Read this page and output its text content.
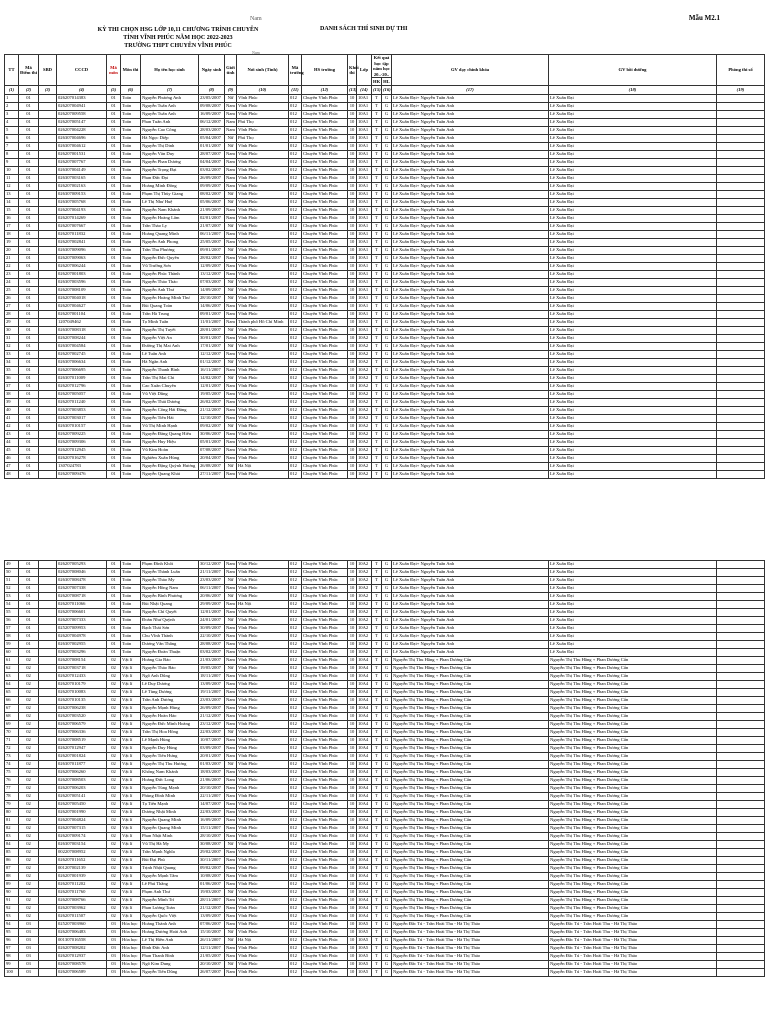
Nam	Mẫu M2.1
KỲ THI CHỌN HSG LỚP 10,11 CHƯƠNG TRÌNH CHUYÊN
TỈNH VĨNH PHÚC NĂM HỌC 2022-2023
TRƯỜNG THPT CHUYÊN VĨNH PHÚC
DANH SÁCH THÍ SINH DỰ THI
Nam
TT	Mã Điểm thi	SBD	CCCD	Mã môn	Môn thi	Họ tên học sinh	Ngày sinh	Giới tính	Nơi sinh (Tỉnh)	Mã trường	HS trường	Khối thi	Lớp	Kết quả học tập năm học 20..-20..		GV dạy chính khóa	GV bồi dưỡng	Phòng thi số
														HK	HL			
(1)	(2)	(3)	(4)	(5)	(6)	(7)	(8)	(9)	(10)	(11)	(12)	(13)	(14)	(15)	(16)	(17)	(18)	(19)
1	01		026207014383	01	Toán	Nguyễn Phương Anh	23/05/2007	Nữ	Vĩnh Phúc	012	Chuyên Vĩnh Phúc	10	10A1	T	G	Lê Xuân Đại+ Nguyễn Tuấn Anh	Lê Xuân Đại	
2	01		026207004941	01	Toán	Nguyễn Tuấn Anh	09/08/2007	Nam	Vĩnh Phúc	012	Chuyên Vĩnh Phúc	10	10A1	T	G	Lê Xuân Đại+ Nguyễn Tuấn Anh	Lê Xuân Đại	
3	01		026207009558	01	Toán	Nguyễn Tuấn Anh	16/09/2007	Nam	Vĩnh Phúc	012	Chuyên Vĩnh Phúc	10	10A1	T	G	Lê Xuân Đại+ Nguyễn Tuấn Anh	Lê Xuân Đại	
4	01		026207005147	01	Toán	Phan Tuấn Anh	06/12/2007	Nam	Phú Thọ	012	Chuyên Vĩnh Phúc	10	10A1	T	G	Lê Xuân Đại+ Nguyễn Tuấn Anh	Lê Xuân Đại	
5	01		026207004228	01	Toán	Nguyễn Cao Công	28/03/2007	Nam	Vĩnh Phúc	012	Chuyên Vĩnh Phúc	10	10A1	T	G	Lê Xuân Đại+ Nguyễn Tuấn Anh	Lê Xuân Đại	
6	01		026307004696	01	Toán	Hà Ngọc Diệp	05/04/2007	Nữ	Phú Thọ	012	Chuyên Vĩnh Phúc	10	10A1	T	G	Lê Xuân Đại+ Nguyễn Tuấn Anh	Lê Xuân Đại	
7	01		026307004612	01	Toán	Nguyễn Thị Dinh	01/01/2007	Nữ	Vĩnh Phúc	012	Chuyên Vĩnh Phúc	10	10A1	T	G	Lê Xuân Đại+ Nguyễn Tuấn Anh	Lê Xuân Đại	
8	01		026207001531	01	Toán	Nguyễn Văn Duy	28/07/2007	Nam	Vĩnh Phúc	012	Chuyên Vĩnh Phúc	10	10A1	T	G	Lê Xuân Đại+ Nguyễn Tuấn Anh	Lê Xuân Đại	
9	01		026207007767	01	Toán	Nguyễn Phan Dương	04/04/2007	Nam	Vĩnh Phúc	012	Chuyên Vĩnh Phúc	10	10A1	T	G	Lê Xuân Đại+ Nguyễn Tuấn Anh	Lê Xuân Đại	
10	01		026307004149	01	Toán	Nguyễn Trọng Đạt	03/02/2007	Nam	Vĩnh Phúc	012	Chuyên Vĩnh Phúc	10	10A1	T	G	Lê Xuân Đại+ Nguyễn Tuấn Anh	Lê Xuân Đại	
11	01		026307003165	01	Toán	Phan Đức Đạt	26/09/2007	Nam	Vĩnh Phúc	012	Chuyên Vĩnh Phúc	10	10A1	T	G	Lê Xuân Đại+ Nguyễn Tuấn Anh	Lê Xuân Đại	
12	01		026207002163	01	Toán	Hoàng Minh Đông	09/09/2007	Nam	Vĩnh Phúc	012	Chuyên Vĩnh Phúc	10	10A1	T	G	Lê Xuân Đại+ Nguyễn Tuấn Anh	Lê Xuân Đại	
13	01		026307009153	01	Toán	Phạm Thị Thùy Giang	08/02/2007	Nữ	Vĩnh Phúc	012	Chuyên Vĩnh Phúc	10	10A1	T	G	Lê Xuân Đại+ Nguyễn Tuấn Anh	Lê Xuân Đại	
14	01		026307005768	01	Toán	Lê Thị Như Huệ	05/06/2007	Nữ	Vĩnh Phúc	012	Chuyên Vĩnh Phúc	10	10A1	T	G	Lê Xuân Đại+ Nguyễn Tuấn Anh	Lê Xuân Đại	
15	01		026207004193	01	Toán	Nguyễn Nam Khánh	21/09/2007	Nam	Vĩnh Phúc	012	Chuyên Vĩnh Phúc	10	10A1	T	G	Lê Xuân Đại+ Nguyễn Tuấn Anh	Lê Xuân Đại	
16	01		026207014269	01	Toán	Nguyễn Hoàng Lâm	02/01/2007	Nam	Vĩnh Phúc	012	Chuyên Vĩnh Phúc	10	10A1	T	G	Lê Xuân Đại+ Nguyễn Tuấn Anh	Lê Xuân Đại	
17	01		026207007667	01	Toán	Trần Thảo Ly	21/07/2007	Nữ	Vĩnh Phúc	012	Chuyên Vĩnh Phúc	10	10A1	T	G	Lê Xuân Đại+ Nguyễn Tuấn Anh	Lê Xuân Đại	
18	01		026207011832	01	Toán	Hoàng Quang Minh	06/11/2007	Nam	Vĩnh Phúc	012	Chuyên Vĩnh Phúc	10	10A1	T	G	Lê Xuân Đại+ Nguyễn Tuấn Anh	Lê Xuân Đại	
19	01		026207002841	01	Toán	Nguyễn Anh Phong	25/05/2007	Nam	Vĩnh Phúc	012	Chuyên Vĩnh Phúc	10	10A1	T	G	Lê Xuân Đại+ Nguyễn Tuấn Anh	Lê Xuân Đại	
20	01		026307009096	01	Toán	Trần Thu Phương	09/01/2007	Nữ	Vĩnh Phúc	012	Chuyên Vĩnh Phúc	10	10A1	T	G	Lê Xuân Đại+ Nguyễn Tuấn Anh	Lê Xuân Đại	
21	01		026207009063	01	Toán	Nguyễn Đức Quyền	28/02/2007	Nam	Vĩnh Phúc	012	Chuyên Vĩnh Phúc	10	10A1	T	G	Lê Xuân Đại+ Nguyễn Tuấn Anh	Lê Xuân Đại	
22	01		026207006244	01	Toán	Vũ Trường Sơn	12/09/2007	Nam	Vĩnh Phúc	012	Chuyên Vĩnh Phúc	10	10A1	T	G	Lê Xuân Đại+ Nguyễn Tuấn Anh	Lê Xuân Đại	
23	01		026207001803	01	Toán	Nguyễn Phúc Thành	13/12/2007	Nam	Vĩnh Phúc	012	Chuyên Vĩnh Phúc	10	10A1	T	G	Lê Xuân Đại+ Nguyễn Tuấn Anh	Lê Xuân Đại	
24	01		026307003596	01	Toán	Nguyễn Thảo Thảo	07/03/2007	Nữ	Vĩnh Phúc	012	Chuyên Vĩnh Phúc	10	10A1	T	G	Lê Xuân Đại+ Nguyễn Tuấn Anh	Lê Xuân Đại	
25	01		026207008109	01	Toán	Nguyễn Anh Thư	14/09/2007	Nữ	Vĩnh Phúc	012	Chuyên Vĩnh Phúc	10	10A1	T	G	Lê Xuân Đại+ Nguyễn Tuấn Anh	Lê Xuân Đại	
26	01		026207004018	01	Toán	Nguyễn Hoàng Minh Thư	28/10/2007	Nữ	Vĩnh Phúc	012	Chuyên Vĩnh Phúc	10	10A1	T	G	Lê Xuân Đại+ Nguyễn Tuấn Anh	Lê Xuân Đại	
27	01		026207004627	01	Toán	Bùi Quang Toàn	14/06/2007	Nam	Vĩnh Phúc	012	Chuyên Vĩnh Phúc	10	10A1	T	G	Lê Xuân Đại+ Nguyễn Tuấn Anh	Lê Xuân Đại	
28	01		026207001104	01	Toán	Trần Hà Trung	09/01/2007	Nam	Vĩnh Phúc	012	Chuyên Vĩnh Phúc	10	10A1	T	G	Lê Xuân Đại+ Nguyễn Tuấn Anh	Lê Xuân Đại	
29	01		1207049462	01	Toán	Tạ Minh Tuấn	11/01/2007	Nam	Thành phố Hồ Chí Minh	012	Chuyên Vĩnh Phúc	10	10A1	T	G	Lê Xuân Đại+ Nguyễn Tuấn Anh	Lê Xuân Đại	
30	01		026307008318	01	Toán	Nguyễn Thị Tuyết	28/01/2007	Nữ	Vĩnh Phúc	012	Chuyên Vĩnh Phúc	10	10A1	T	G	Lê Xuân Đại+ Nguyễn Tuấn Anh	Lê Xuân Đại	
31	01		026207008244	01	Toán	Nguyễn Việt An	30/01/2007	Nam	Vĩnh Phúc	012	Chuyên Vĩnh Phúc	10	10A2	T	G	Lê Xuân Đại+ Nguyễn Tuấn Anh	Lê Xuân Đại	
32	01		026307004584	01	Toán	Đường Thị Mai Anh	17/01/2007	Nữ	Vĩnh Phúc	012	Chuyên Vĩnh Phúc	10	10A2	T	G	Lê Xuân Đại+ Nguyễn Tuấn Anh	Lê Xuân Đại	
33	01		026207002745	01	Toán	Lê Tuấn Anh	12/12/2007	Nam	Vĩnh Phúc	012	Chuyên Vĩnh Phúc	10	10A2	T	G	Lê Xuân Đại+ Nguyễn Tuấn Anh	Lê Xuân Đại	
34	01		026307006634	01	Toán	Hà Ngân Anh	01/12/2007	Nữ	Vĩnh Phúc	012	Chuyên Vĩnh Phúc	10	10A2	T	G	Lê Xuân Đại+ Nguyễn Tuấn Anh	Lê Xuân Đại	
35	01		026207006695	01	Toán	Nguyễn Thanh Bình	16/11/2007	Nam	Vĩnh Phúc	012	Chuyên Vĩnh Phúc	10	10A2	T	G	Lê Xuân Đại+ Nguyễn Tuấn Anh	Lê Xuân Đại	
36	01		026307011009	01	Toán	Trần Thị Mai Chi	14/02/2007	Nữ	Vĩnh Phúc	012	Chuyên Vĩnh Phúc	10	10A2	T	G	Lê Xuân Đại+ Nguyễn Tuấn Anh	Lê Xuân Đại	
37	01		026207012796	01	Toán	Cao Xuân Chuyên	12/01/2007	Nam	Vĩnh Phúc	012	Chuyên Vĩnh Phúc	10	10A2	T	G	Lê Xuân Đại+ Nguyễn Tuấn Anh	Lê Xuân Đại	
38	01		026207005057	01	Toán	Vũ Việt Dũng	19/05/2007	Nam	Vĩnh Phúc	012	Chuyên Vĩnh Phúc	10	10A2	T	G	Lê Xuân Đại+ Nguyễn Tuấn Anh	Lê Xuân Đại	
39	01		026207011240	01	Toán	Nguyễn Thái Dương	26/02/2007	Nam	Vĩnh Phúc	012	Chuyên Vĩnh Phúc	10	10A2	T	G	Lê Xuân Đại+ Nguyễn Tuấn Anh	Lê Xuân Đại	
40	01		026207003853	01	Toán	Nguyễn Công Hải Đăng	21/12/2007	Nam	Vĩnh Phúc	012	Chuyên Vĩnh Phúc	10	10A2	T	G	Lê Xuân Đại+ Nguyễn Tuấn Anh	Lê Xuân Đại	
41	01		026207003017	01	Toán	Nguyễn Tiến Hải	12/10/2007	Nam	Vĩnh Phúc	012	Chuyên Vĩnh Phúc	10	10A2	T	G	Lê Xuân Đại+ Nguyễn Tuấn Anh	Lê Xuân Đại	
42	01		026307010157	01	Toán	Vũ Thị Minh Hạnh	09/02/2007	Nữ	Vĩnh Phúc	012	Chuyên Vĩnh Phúc	10	10A2	T	G	Lê Xuân Đại+ Nguyễn Tuấn Anh	Lê Xuân Đại	
43	01		026207009225	01	Toán	Nguyễn Đăng Quang Hiếu	30/06/2007	Nam	Vĩnh Phúc	012	Chuyên Vĩnh Phúc	10	10A2	T	G	Lê Xuân Đại+ Nguyễn Tuấn Anh	Lê Xuân Đại	
44	01		026207009306	01	Toán	Nguyễn Huy Hiệu	05/01/2007	Nam	Vĩnh Phúc	012	Chuyên Vĩnh Phúc	10	10A2	T	G	Lê Xuân Đại+ Nguyễn Tuấn Anh	Lê Xuân Đại	
45	01		026207012945	01	Toán	Vũ Kim Hoàn	07/08/2007	Nam	Vĩnh Phúc	012	Chuyên Vĩnh Phúc	10	10A2	T	G	Lê Xuân Đại+ Nguyễn Tuấn Anh	Lê Xuân Đại	
46	01		026207016278	01	Toán	Nghiêm Xuân Hùng	20/04/2007	Nam	Vĩnh Phúc	012	Chuyên Vĩnh Phúc	10	10A2	T	G	Lê Xuân Đại+ Nguyễn Tuấn Anh	Lê Xuân Đại	
47	01		1307024783	01	Toán	Nguyễn Đặng Quỳnh Hương	26/08/2007	Nữ	Hà Nội	012	Chuyên Vĩnh Phúc	10	10A2	T	G	Lê Xuân Đại+ Nguyễn Tuấn Anh	Lê Xuân Đại	
48	01		026207009476	01	Toán	Nguyễn Quang Khải	27/11/2007	Nam	Vĩnh Phúc	012	Chuyên Vĩnh Phúc	10	10A2	T	G	Lê Xuân Đại+ Nguyễn Tuấn Anh	Lê Xuân Đại	
49	01		026207005293	01	Toán	Phạm Đình Khôi	30/12/2007	Nam	Vĩnh Phúc	012	Chuyên Vĩnh Phúc	10	10A2	T	G	Lê Xuân Đại+ Nguyễn Tuấn Anh	Lê Xuân Đại	
50	01		026207008046	01	Toán	Nguyễn Thành Luân	21/11/2007	Nam	Vĩnh Phúc	012	Chuyên Vĩnh Phúc	10	10A2	T	G	Lê Xuân Đại+ Nguyễn Tuấn Anh	Lê Xuân Đại	
51	01		026307008478	01	Toán	Nguyễn Thảo My	23/03/2007	Nữ	Vĩnh Phúc	012	Chuyên Vĩnh Phúc	10	10A2	T	G	Lê Xuân Đại+ Nguyễn Tuấn Anh	Lê Xuân Đại	
52	01		026207007338	01	Toán	Nguyễn Hồng Nam	06/11/2007	Nam	Vĩnh Phúc	012	Chuyên Vĩnh Phúc	10	10A2	T	G	Lê Xuân Đại+ Nguyễn Tuấn Anh	Lê Xuân Đại	
53	01		026207008718	01	Toán	Nguyễn Bình Phương	20/06/2007	Nữ	Vĩnh Phúc	012	Chuyên Vĩnh Phúc	10	10A2	T	G	Lê Xuân Đại+ Nguyễn Tuấn Anh	Lê Xuân Đại	
54	01		026207011066	01	Toán	Bùi Nhật Quang	29/09/2007	Nam	Hà Nội	012	Chuyên Vĩnh Phúc	10	10A2	T	G	Lê Xuân Đại+ Nguyễn Tuấn Anh	Lê Xuân Đại	
55	01		026207006601	01	Toán	Nguyễn Chí Quyết	12/01/2007	Nam	Vĩnh Phúc	012	Chuyên Vĩnh Phúc	10	10A2	T	G	Lê Xuân Đại+ Nguyễn Tuấn Anh	Lê Xuân Đại	
56	01		026207007333	01	Toán	Đoàn Như Quỳnh	24/01/2007	Nữ	Vĩnh Phúc	012	Chuyên Vĩnh Phúc	10	10A2	T	G	Lê Xuân Đại+ Nguyễn Tuấn Anh	Lê Xuân Đại	
57	01		025207009953	01	Toán	Bạch Thái Sơn	30/09/2007	Nam	Vĩnh Phúc	012	Chuyên Vĩnh Phúc	10	10A2	T	G	Lê Xuân Đại+ Nguyễn Tuấn Anh	Lê Xuân Đại	
58	01		026207004978	01	Toán	Chu Vĩnh Thành	22/10/2007	Nam	Vĩnh Phúc	012	Chuyên Vĩnh Phúc	10	10A2	T	G	Lê Xuân Đại+ Nguyễn Tuấn Anh	Lê Xuân Đại	
59	01		026307002955	01	Toán	Dương Vân Thắng	28/08/2007	Nam	Vĩnh Phúc	012	Chuyên Vĩnh Phúc	10	10A2	T	G	Lê Xuân Đại+ Nguyễn Tuấn Anh	Lê Xuân Đại	
60	01		026207003296	01	Toán	Nguyễn Đoàn Thuận	03/02/2007	Nam	Vĩnh Phúc	012	Chuyên Vĩnh Phúc	10	10A2	T	G	Lê Xuân Đại+ Nguyễn Tuấn Anh	Lê Xuân Đại	
61	02		026207008154	02	Vật lí	Hoàng Gia Bảo	21/03/2007	Nam	Vĩnh Phúc	012	Chuyên Vĩnh Phúc	10	10A4	T	G	Nguyễn Thị Thu Hằng + Phan Dương Cẩn	Nguyễn Thị Thu Hằng + Phan Dương Cẩn	
62	02		026207003718	02	Vật lí	Nguyễn Thảo Bảo	19/05/2007	Nữ	Vĩnh Phúc	012	Chuyên Vĩnh Phúc	10	10A4	T	G	Nguyễn Thị Thu Hằng + Phan Dương Cẩn	Nguyễn Thị Thu Hằng + Phan Dương Cẩn	
63	02		026207012433	02	Vật lí	Ngô Anh Dũng	18/11/2007	Nam	Vĩnh Phúc	012	Chuyên Vĩnh Phúc	10	10A4	T	G	Nguyễn Thị Thu Hằng + Phan Dương Cẩn	Nguyễn Thị Thu Hằng + Phan Dương Cẩn	
64	02		026207010179	02	Vật lí	Lê Duy Dương	13/09/2007	Nam	Vĩnh Phúc	012	Chuyên Vĩnh Phúc	10	10A4	T	G	Nguyễn Thị Thu Hằng + Phan Dương Cẩn	Nguyễn Thị Thu Hằng + Phan Dương Cẩn	
65	02		026207010083	02	Vật lí	Lê Tùng Dương	19/11/2007	Nam	Vĩnh Phúc	012	Chuyên Vĩnh Phúc	10	10A4	T	G	Nguyễn Thị Thu Hằng + Phan Dương Cẩn	Nguyễn Thị Thu Hằng + Phan Dương Cẩn	
66	02		026207010135	02	Vật lí	Trần Anh Dương	23/03/2007	Nam	Vĩnh Phúc	012	Chuyên Vĩnh Phúc	10	10A4	T	G	Nguyễn Thị Thu Hằng + Phan Dương Cẩn	Nguyễn Thị Thu Hằng + Phan Dương Cẩn	
67	02		026207006238	02	Vật lí	Nguyễn Mạnh Hùng	26/09/2007	Nam	Vĩnh Phúc	012	Chuyên Vĩnh Phúc	10	10A4	T	G	Nguyễn Thị Thu Hằng + Phan Dương Cẩn	Nguyễn Thị Thu Hằng + Phan Dương Cẩn	
68	02		026207003520	02	Vật lí	Nguyễn Hoàn Hảo	21/12/2007	Nam	Vĩnh Phúc	012	Chuyên Vĩnh Phúc	10	10A4	T	G	Nguyễn Thị Thu Hằng + Phan Dương Cẩn	Nguyễn Thị Thu Hằng + Phan Dương Cẩn	
69	02		026207006579	02	Vật lí	Nguyễn Đức Minh Hoàng	23/12/2007	Nam	Vĩnh Phúc	012	Chuyên Vĩnh Phúc	10	10A4	T	G	Nguyễn Thị Thu Hằng + Phan Dương Cẩn	Nguyễn Thị Thu Hằng + Phan Dương Cẩn	
70	02		026207006336	02	Vật lí	Trần Thị Hoa Hồng	22/03/2007	Nữ	Vĩnh Phúc	012	Chuyên Vĩnh Phúc	10	10A4	T	G	Nguyễn Thị Thu Hằng + Phan Dương Cẩn	Nguyễn Thị Thu Hằng + Phan Dương Cẩn	
71	02		026207008519	02	Vật lí	Lê Mạnh Hùng	10/07/2007	Nam	Vĩnh Phúc	012	Chuyên Vĩnh Phúc	10	10A4	T	G	Nguyễn Thị Thu Hằng + Phan Dương Cẩn	Nguyễn Thị Thu Hằng + Phan Dương Cẩn	
72	02		026207012947	02	Vật lí	Nguyễn Duy Hùng	03/09/2007	Nam	Vĩnh Phúc	012	Chuyên Vĩnh Phúc	10	10A4	T	G	Nguyễn Thị Thu Hằng + Phan Dương Cẩn	Nguyễn Thị Thu Hằng + Phan Dương Cẩn	
73	02		026207001824	02	Vật lí	Nguyễn Tiến Hưng	20/01/2007	Nam	Vĩnh Phúc	012	Chuyên Vĩnh Phúc	10	10A4	T	G	Nguyễn Thị Thu Hằng + Phan Dương Cẩn	Nguyễn Thị Thu Hằng + Phan Dương Cẩn	
74	02		026307011877	02	Vật lí	Nguyễn Thị Thu Hương	01/03/2007	Nữ	Vĩnh Phúc	012	Chuyên Vĩnh Phúc	10	10A4	T	G	Nguyễn Thị Thu Hằng + Phan Dương Cẩn	Nguyễn Thị Thu Hằng + Phan Dương Cẩn	
75	02		026207006260	02	Vật lí	Khổng Nam Khánh	18/03/2007	Nam	Vĩnh Phúc	012	Chuyên Vĩnh Phúc	10	10A4	T	G	Nguyễn Thị Thu Hằng + Phan Dương Cẩn	Nguyễn Thị Thu Hằng + Phan Dương Cẩn	
76	02		026207008503	02	Vật lí	Hoàng Đức Long	21/06/2007	Nam	Vĩnh Phúc	012	Chuyên Vĩnh Phúc	10	10A4	T	G	Nguyễn Thị Thu Hằng + Phan Dương Cẩn	Nguyễn Thị Thu Hằng + Phan Dương Cẩn	
77	02		026207006203	02	Vật lí	Nguyễn Tùng Mạnh	20/10/2007	Nam	Vĩnh Phúc	012	Chuyên Vĩnh Phúc	10	10A4	T	G	Nguyễn Thị Thu Hằng + Phan Dương Cẩn	Nguyễn Thị Thu Hằng + Phan Dương Cẩn	
78	02		026207005141	02	Vật lí	Phùng Đình Minh	22/11/2007	Nam	Vĩnh Phúc	012	Chuyên Vĩnh Phúc	10	10A4	T	G	Nguyễn Thị Thu Hằng + Phan Dương Cẩn	Nguyễn Thị Thu Hằng + Phan Dương Cẩn	
79	02		026207005450	02	Vật lí	Tạ Tiến Mạnh	14/07/2007	Nam	Vĩnh Phúc	012	Chuyên Vĩnh Phúc	10	10A4	T	G	Nguyễn Thị Thu Hằng + Phan Dương Cẩn	Nguyễn Thị Thu Hằng + Phan Dương Cẩn	
80	02		026207001990	02	Vật lí	Dương Nhật Minh	22/03/2007	Nam	Vĩnh Phúc	012	Chuyên Vĩnh Phúc	10	10A4	T	G	Nguyễn Thị Thu Hằng + Phan Dương Cẩn	Nguyễn Thị Thu Hằng + Phan Dương Cẩn	
81	02		026207004824	02	Vật lí	Nguyễn Quang Minh	16/09/2007	Nam	Vĩnh Phúc	012	Chuyên Vĩnh Phúc	10	10A4	T	G	Nguyễn Thị Thu Hằng + Phan Dương Cẩn	Nguyễn Thị Thu Hằng + Phan Dương Cẩn	
82	02		026207007315	02	Vật lí	Nguyễn Quang Minh	15/11/2007	Nam	Vĩnh Phúc	012	Chuyên Vĩnh Phúc	10	10A4	T	G	Nguyễn Thị Thu Hằng + Phan Dương Cẩn	Nguyễn Thị Thu Hằng + Phan Dương Cẩn	
83	02		026207009174	02	Vật lí	Phan Nhật Minh	28/10/2007	Nam	Vĩnh Phúc	012	Chuyên Vĩnh Phúc	10	10A4	T	G	Nguyễn Thị Thu Hằng + Phan Dương Cẩn	Nguyễn Thị Thu Hằng + Phan Dương Cẩn	
84	02		026307003154	02	Vật lí	Vũ Thị Hà My	30/08/2007	Nữ	Vĩnh Phúc	012	Chuyên Vĩnh Phúc	10	10A4	T	G	Nguyễn Thị Thu Hằng + Phan Dương Cẩn	Nguyễn Thị Thu Hằng + Phan Dương Cẩn	
85	02		002207008952	02	Vật lí	Trần Mạnh Nghĩa	29/02/2007	Nam	Vĩnh Phúc	012	Chuyên Vĩnh Phúc	10	10A4	T	G	Nguyễn Thị Thu Hằng + Phan Dương Cẩn	Nguyễn Thị Thu Hằng + Phan Dương Cẩn	
86	02		026207011652	02	Vật lí	Bùi Đại Phú	30/11/2007	Nam	Vĩnh Phúc	012	Chuyên Vĩnh Phúc	10	10A4	T	G	Nguyễn Thị Thu Hằng + Phan Dương Cẩn	Nguyễn Thị Thu Hằng + Phan Dương Cẩn	
87	02		001207002139	02	Vật lí	Trịnh Nhật Quang	09/02/2007	Nam	Vĩnh Phúc	012	Chuyên Vĩnh Phúc	10	10A4	T	G	Nguyễn Thị Thu Hằng + Phan Dương Cẩn	Nguyễn Thị Thu Hằng + Phan Dương Cẩn	
88	02		026207001939	02	Vật lí	Nguyễn Mạnh Tâm	10/08/2007	Nam	Vĩnh Phúc	012	Chuyên Vĩnh Phúc	10	10A4	T	G	Nguyễn Thị Thu Hằng + Phan Dương Cẩn	Nguyễn Thị Thu Hằng + Phan Dương Cẩn	
89	02		026207011202	02	Vật lí	Lê Phú Thắng	01/06/2007	Nam	Vĩnh Phúc	012	Chuyên Vĩnh Phúc	10	10A4	T	G	Nguyễn Thị Thu Hằng + Phan Dương Cẩn	Nguyễn Thị Thu Hằng + Phan Dương Cẩn	
90	02		026207011760	02	Vật lí	Phạm Anh Thư	19/03/2007	Nữ	Vĩnh Phúc	012	Chuyên Vĩnh Phúc	10	10A4	T	G	Nguyễn Thị Thu Hằng + Phan Dương Cẩn	Nguyễn Thị Thu Hằng + Phan Dương Cẩn	
91	02		026207008766	02	Vật lí	Nguyễn Minh Trí	28/11/2007	Nam	Vĩnh Phúc	012	Chuyên Vĩnh Phúc	10	10A4	T	G	Nguyễn Thị Thu Hằng + Phan Dương Cẩn	Nguyễn Thị Thu Hằng + Phan Dương Cẩn	
92	02		026207003962	02	Vật lí	Phan Lương Toản	21/12/2007	Nam	Vĩnh Phúc	012	Chuyên Vĩnh Phúc	10	10A4	T	G	Nguyễn Thị Thu Hằng + Phan Dương Cẩn	Nguyễn Thị Thu Hằng + Phan Dương Cẩn	
93	02		026207011507	02	Vật lí	Nguyễn Quốc Việt	13/09/2007	Nam	Vĩnh Phúc	012	Chuyên Vĩnh Phúc	10	10A4	T	G	Nguyễn Thị Thu Hằng + Phan Dương Cẩn	Nguyễn Thị Thu Hằng + Phan Dương Cẩn	
94	03		025207003960	03	Hóa học	Hoàng Thành Anh	07/06/2007	Nam	Vĩnh Phúc	012	Chuyên Vĩnh Phúc	10	10A5	T	G	Nguyễn Đắc Tú - Trần Hoài Thu - Hà Thị Thảo	Nguyễn Đắc Tú - Trần Hoài Thu - Hà Thị Thảo	
95	03		026207006483	03	Hóa học	Hoàng Dương Hoài Anh	15/10/2007	Nữ	Vĩnh Phúc	012	Chuyên Vĩnh Phúc	10	10A5	T	G	Nguyễn Đắc Tú - Trần Hoài Thu - Hà Thị Thảo	Nguyễn Đắc Tú - Trần Hoài Thu - Hà Thị Thảo	
96	03		001307016558	03	Hóa học	Lê Thị Hiền Anh	26/11/2007	Nữ	Hà Nội	012	Chuyên Vĩnh Phúc	10	10A5	T	G	Nguyễn Đắc Tú - Trần Hoài Thu - Hà Thị Thảo	Nguyễn Đắc Tú - Trần Hoài Thu - Hà Thị Thảo	
97	03		026207008202	03	Hóa học	Đinh Đức Anh	12/11/2007	Nam	Vĩnh Phúc	012	Chuyên Vĩnh Phúc	10	10A5	T	G	Nguyễn Đắc Tú - Trần Hoài Thu - Hà Thị Thảo	Nguyễn Đắc Tú - Trần Hoài Thu - Hà Thị Thảo	
98	03		026207012937	03	Hóa học	Phan Thanh Bình	21/05/2007	Nam	Vĩnh Phúc	012	Chuyên Vĩnh Phúc	10	10A5	T	G	Nguyễn Đắc Tú - Trần Hoài Thu - Hà Thị Thảo	Nguyễn Đắc Tú - Trần Hoài Thu - Hà Thị Thảo	
99	03		026207008578	03	Hóa học	Ngô Kim Dung	20/10/2007	Nữ	Vĩnh Phúc	012	Chuyên Vĩnh Phúc	10	10A5	T	G	Nguyễn Đắc Tú - Trần Hoài Thu - Hà Thị Thảo	Nguyễn Đắc Tú - Trần Hoài Thu - Hà Thị Thảo	
100	03		026207006589	03	Hóa học	Nguyễn Tiến Dũng	26/07/2007	Nam	Vĩnh Phúc	012	Chuyên Vĩnh Phúc	10	10A5	T	G	Nguyễn Đắc Tú - Trần Hoài Thu - Hà Thị Thảo	Nguyễn Đắc Tú - Trần Hoài Thu - Hà Thị Thảo	
